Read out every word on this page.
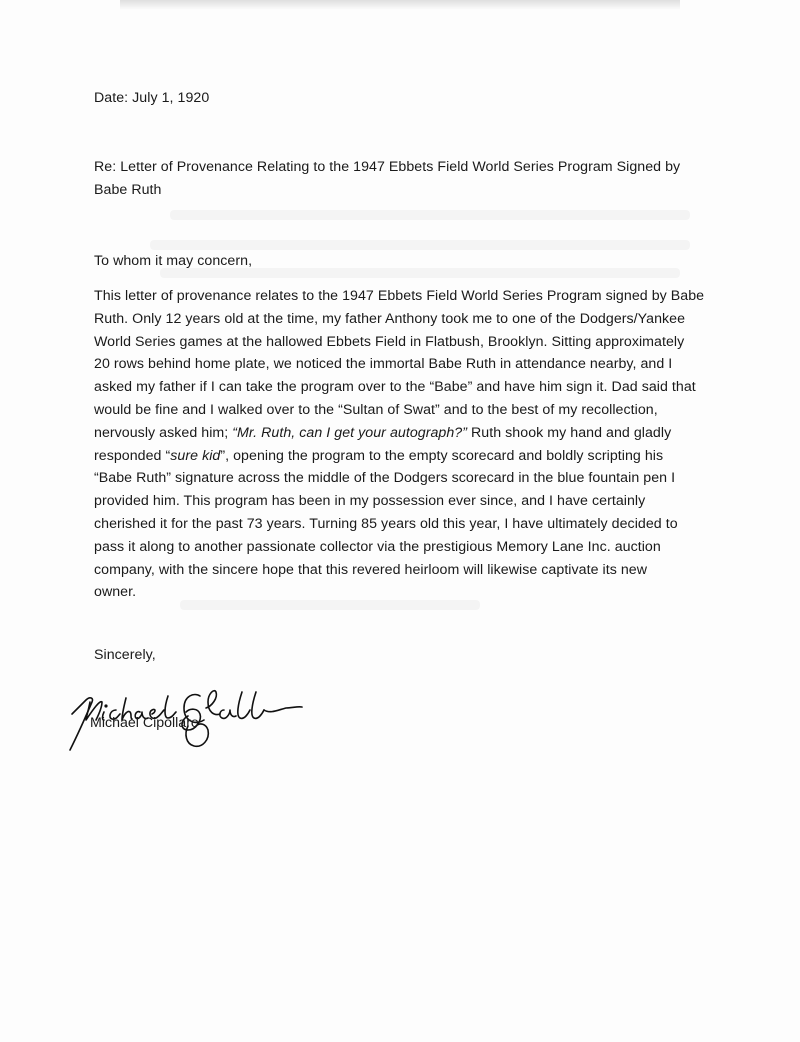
Date: July 1, 1920
Re: Letter of Provenance Relating to the 1947 Ebbets Field World Series Program Signed by
Babe Ruth
To whom it may concern,
This letter of provenance relates to the 1947 Ebbets Field World Series Program signed by Babe
Ruth. Only 12 years old at the time, my father Anthony took me to one of the Dodgers/Yankee
World Series games at the hallowed Ebbets Field in Flatbush, Brooklyn. Sitting approximately
20 rows behind home plate, we noticed the immortal Babe Ruth in attendance nearby, and I
asked my father if I can take the program over to the “Babe” and have him sign it. Dad said that
would be fine and I walked over to the “Sultan of Swat” and to the best of my recollection,
nervously asked him; “Mr. Ruth, can I get your autograph?” Ruth shook my hand and gladly
responded “sure kid”, opening the program to the empty scorecard and boldly scripting his
“Babe Ruth” signature across the middle of the Dodgers scorecard in the blue fountain pen I
provided him. This program has been in my possession ever since, and I have certainly
cherished it for the past 73 years. Turning 85 years old this year, I have ultimately decided to
pass it along to another passionate collector via the prestigious Memory Lane Inc. auction
company, with the sincere hope that this revered heirloom will likewise captivate its new
owner.
Sincerely,
Michael Cipollaro
